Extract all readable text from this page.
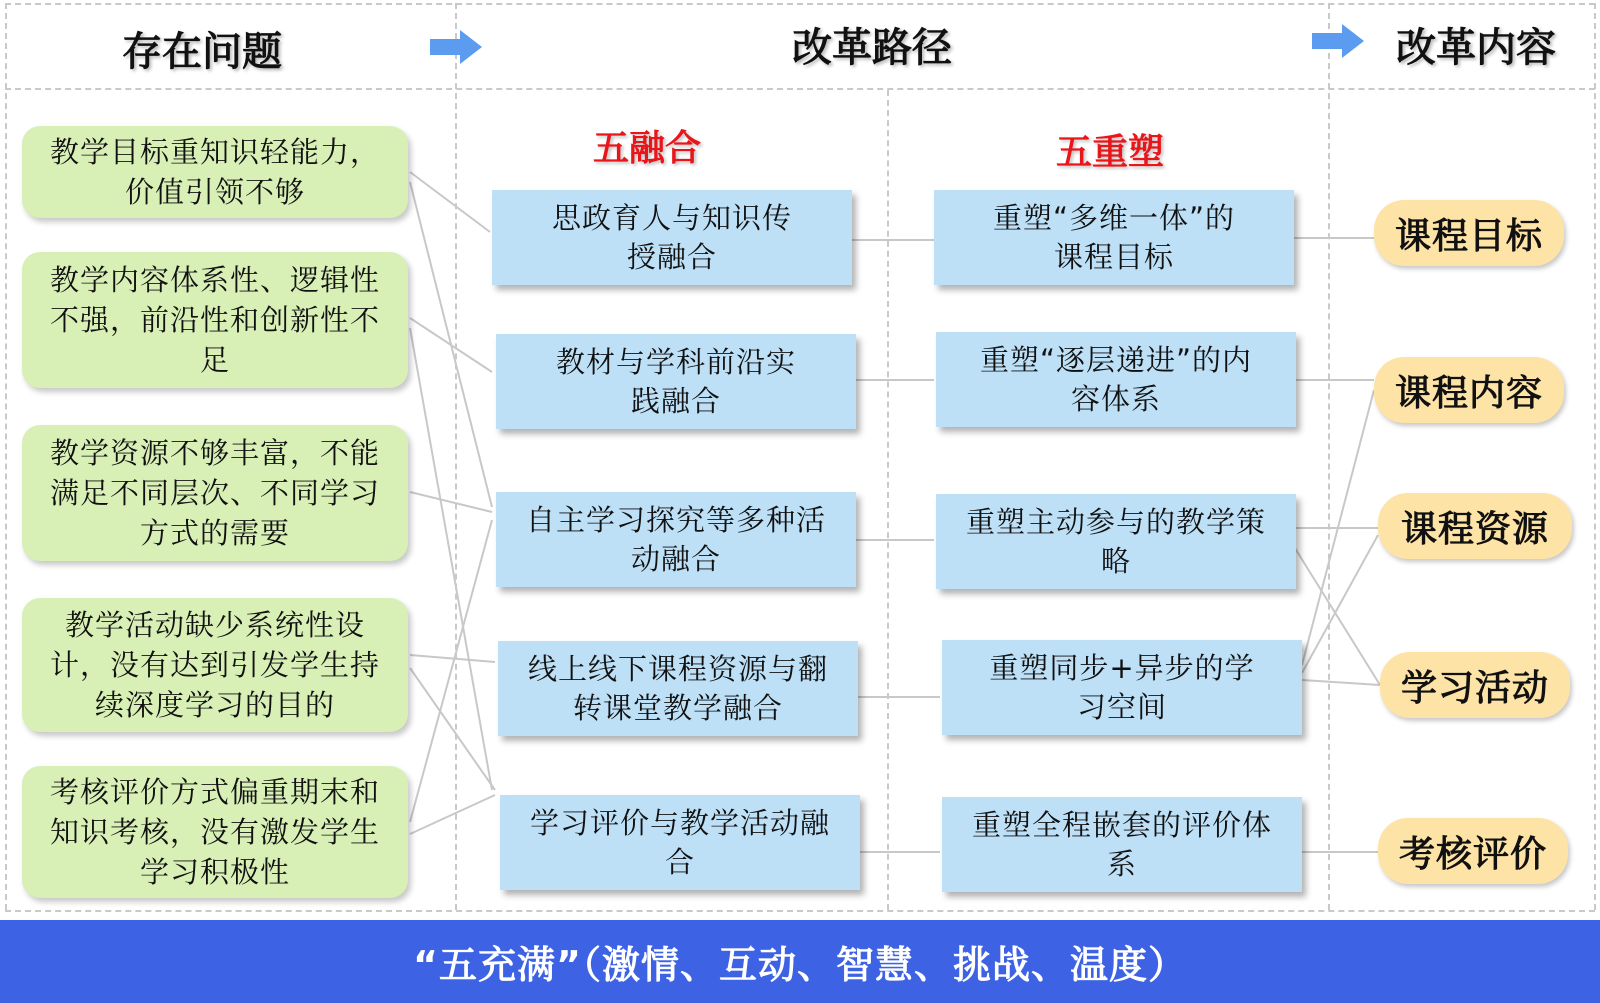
存在问题	改革路径	改革内容
五融合	五重塑
教学目标重知识轻能力，价值引领不够
教学内容体系性、逻辑性不强，前沿性和创新性不足
教学资源不够丰富，不能满足不同层次、不同学习方式的需要
教学活动缺少系统性设计，没有达到引发学生持续深度学习的目的
考核评价方式偏重期末和知识考核，没有激发学生学习积极性
思政育人与知识传授融合
教材与学科前沿实践融合
自主学习探究等多种活动融合
线上线下课程资源与翻转课堂教学融合
学习评价与教学活动融合
重塑“多维一体”的课程目标
重塑“逐层递进”的内容体系
重塑主动参与的教学策略
重塑同步+异步的学习空间
重塑全程嵌套的评价体系
课程目标
课程内容
课程资源
学习活动
考核评价
“五充满”（激情、互动、智慧、挑战、温度）
